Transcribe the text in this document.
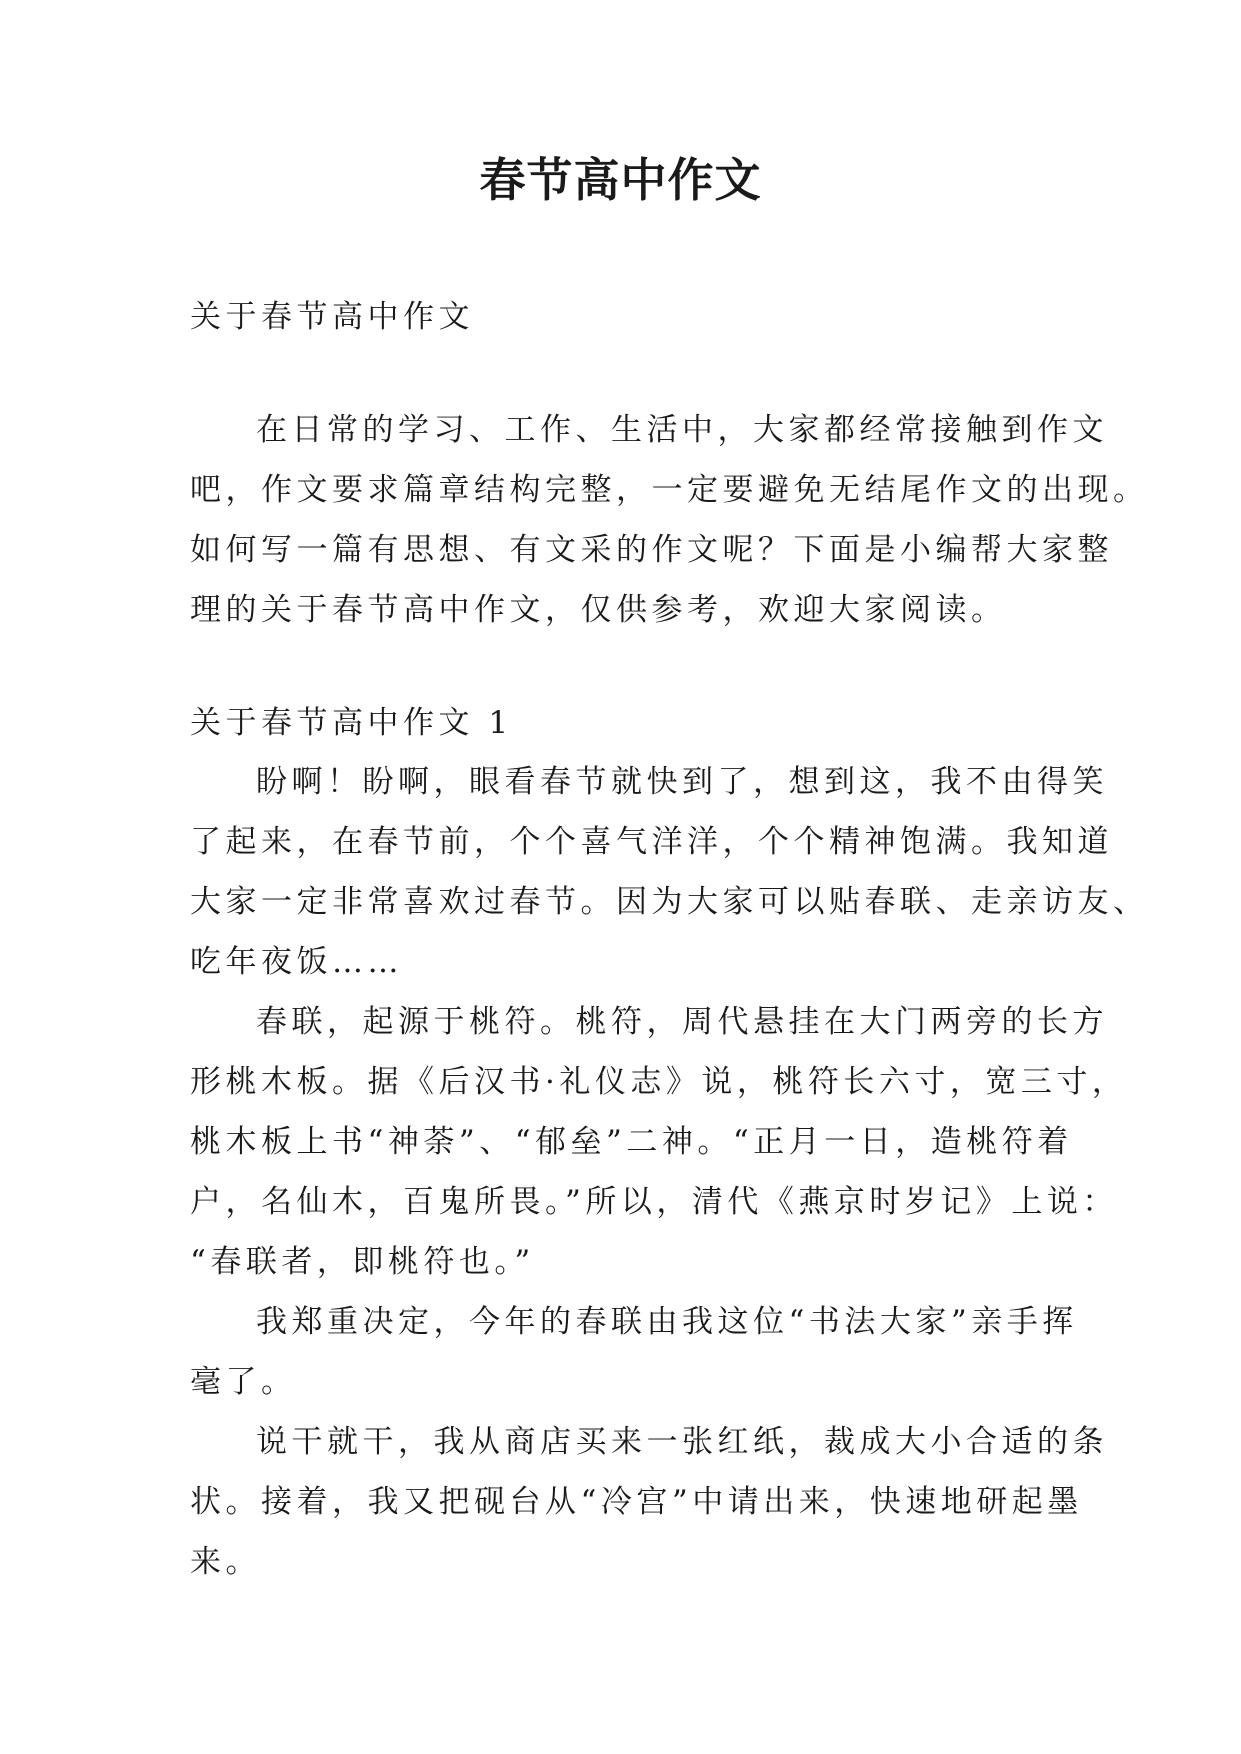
春节高中作文

关于春节高中作文

在日常的学习、工作、生活中，大家都经常接触到作文

吧，作文要求篇章结构完整，一定要避免无结尾作文的出现。

如何写一篇有思想、有文采的作文呢？下面是小编帮大家整

理的关于春节高中作文，仅供参考，欢迎大家阅读。

关于春节高中作文 1

盼啊！盼啊，眼看春节就快到了，想到这，我不由得笑

了起来，在春节前，个个喜气洋洋，个个精神饱满。我知道

大家一定非常喜欢过春节。因为大家可以贴春联、走亲访友、

吃年夜饭……

春联，起源于桃符。桃符，周代悬挂在大门两旁的长方

形桃木板。据《后汉书·礼仪志》说，桃符长六寸，宽三寸，

桃木板上书“神荼”、“郁垒”二神。“正月一日，造桃符着

户，名仙木，百鬼所畏。”所以，清代《燕京时岁记》上说：

“春联者，即桃符也。”

我郑重决定，今年的春联由我这位“书法大家”亲手挥

毫了。

说干就干，我从商店买来一张红纸，裁成大小合适的条

状。接着，我又把砚台从“冷宫”中请出来，快速地研起墨

来。
